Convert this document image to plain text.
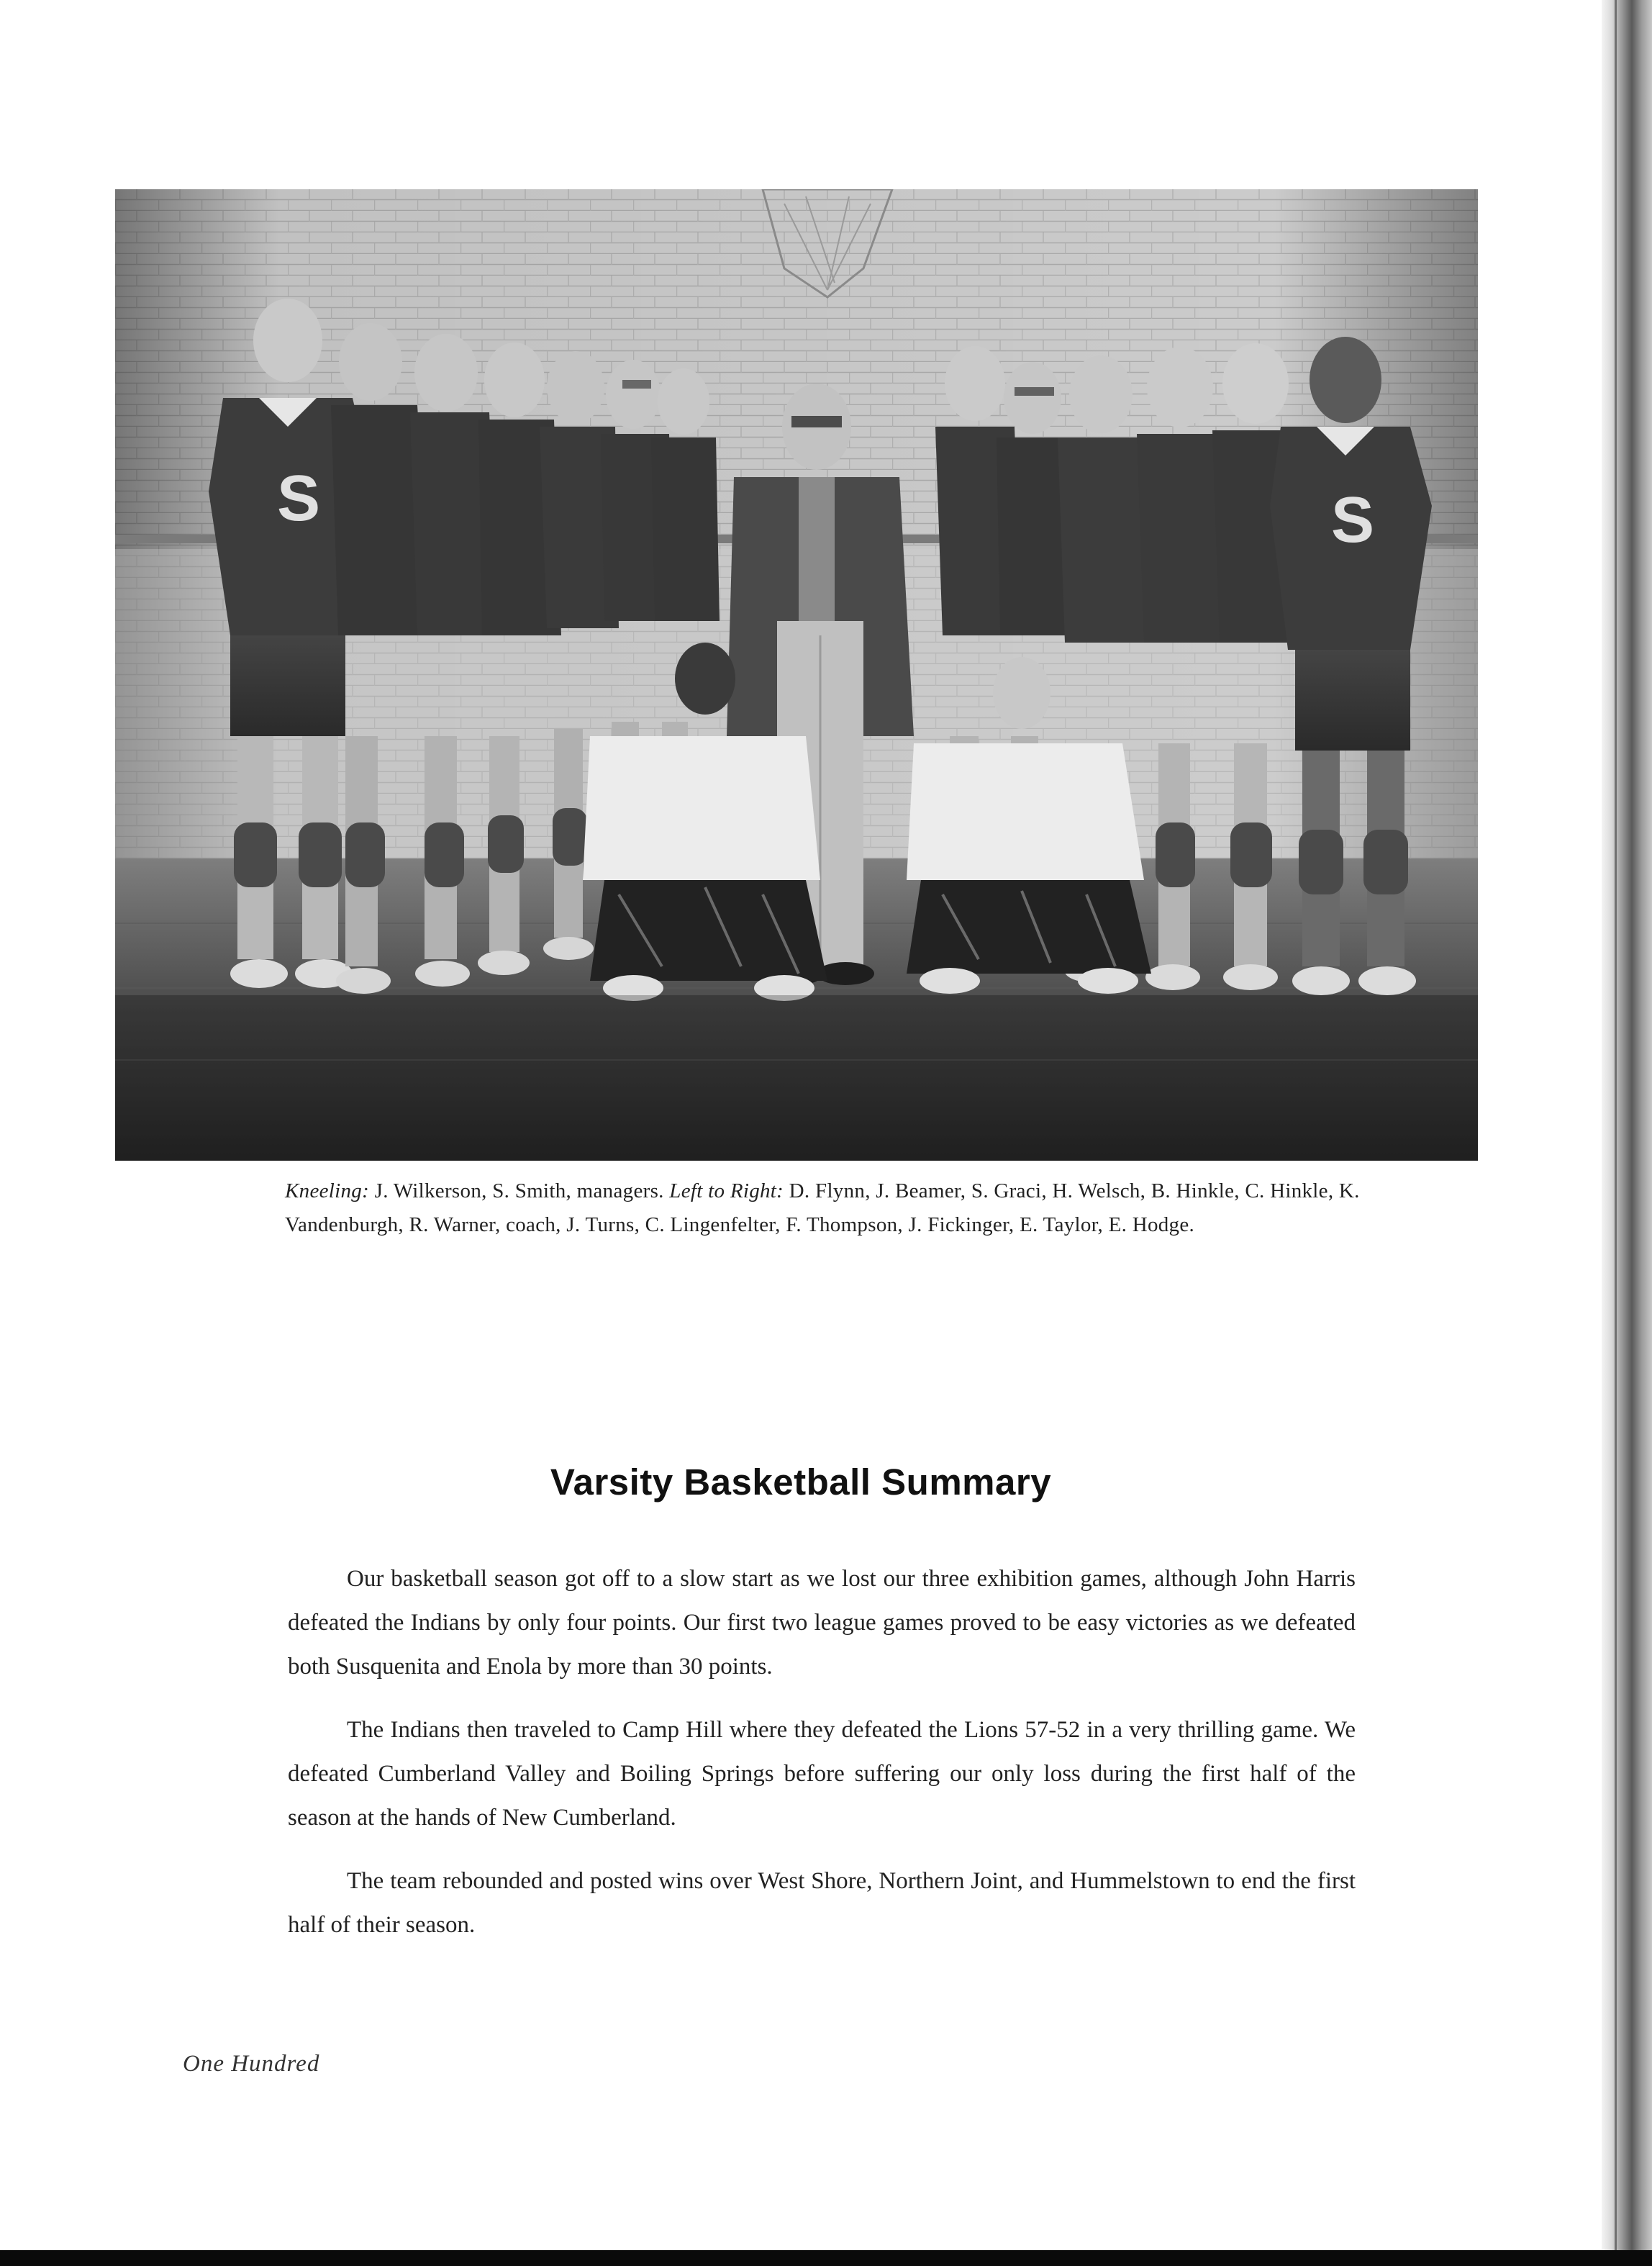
S	S
Kneeling: J. Wilkerson, S. Smith, managers. Left to Right: D. Flynn, J. Beamer, S. Graci, H. Welsch, B. Hinkle, C. Hinkle, K. Vandenburgh, R. Warner, coach, J. Turns, C. Lingenfelter, F. Thompson, J. Fickinger, E. Taylor, E. Hodge.
Varsity Basketball Summary

Our basketball season got off to a slow start as we lost our three exhibition games, although John Harris defeated the Indians by only four points. Our first two league games proved to be easy victories as we defeated both Susquenita and Enola by more than 30 points.

The Indians then traveled to Camp Hill where they defeated the Lions 57-52 in a very thrilling game. We defeated Cumberland Valley and Boiling Springs before suffering our only loss during the first half of the season at the hands of New Cumberland.

The team rebounded and posted wins over West Shore, Northern Joint, and Hummelstown to end the first half of their season.

One Hundred
